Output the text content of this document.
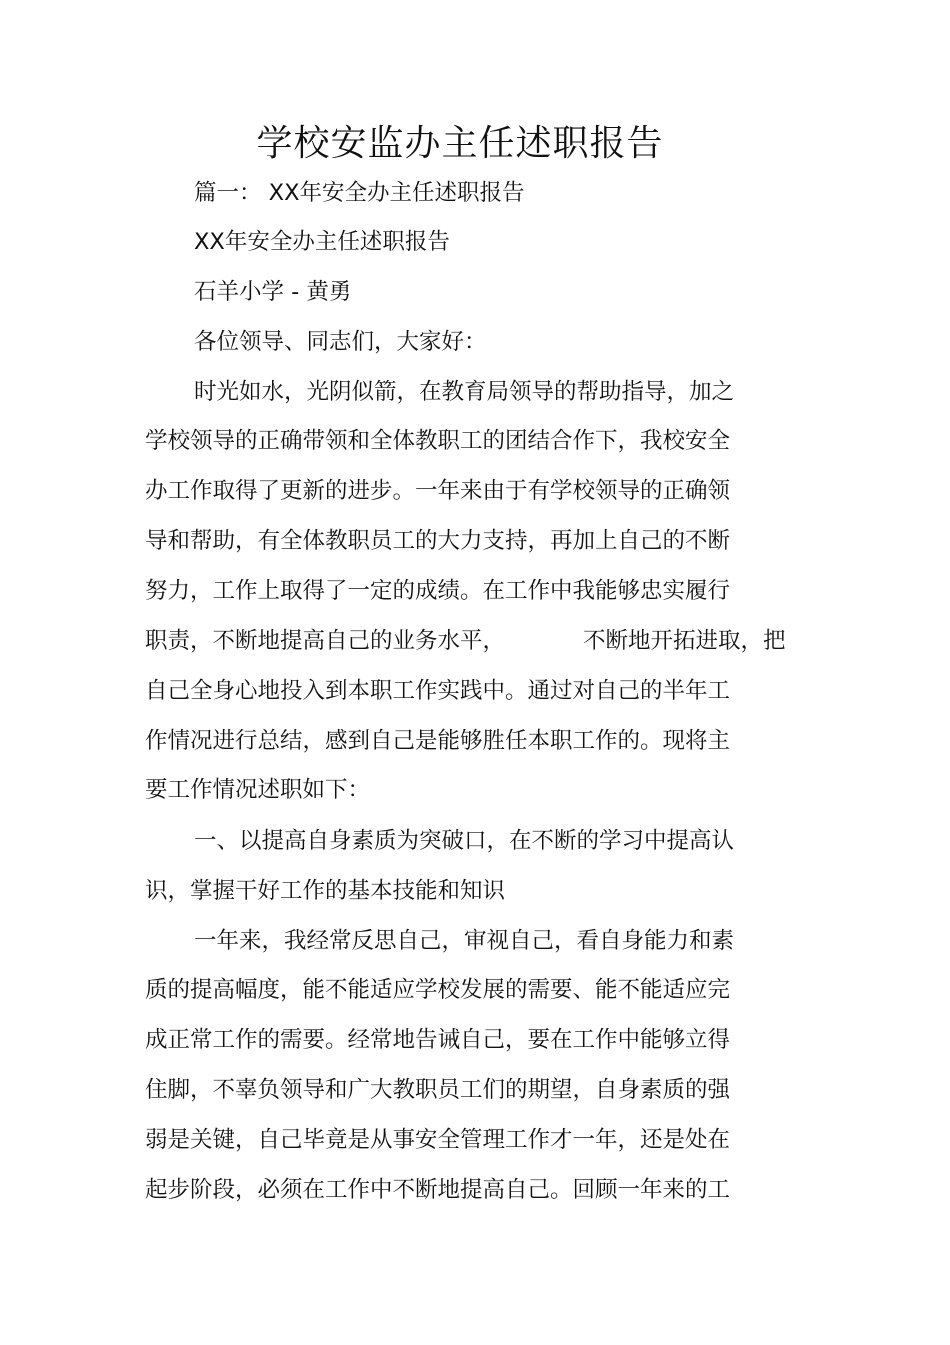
学校安监办主任述职报告
篇一： XX年安全办主任述职报告
XX年安全办主任述职报告
石羊小学 - 黄勇
各位领导、同志们，大家好：
时光如水，光阴似箭，在教育局领导的帮助指导，加之
学校领导的正确带领和全体教职工的团结合作下，我校安全
办工作取得了更新的进步。一年来由于有学校领导的正确领
导和帮助，有全体教职员工的大力支持，再加上自己的不断
努力，工作上取得了一定的成绩。在工作中我能够忠实履行
职责，不断地提高自己的业务水平，	不断地开拓进取，把
自己全身心地投入到本职工作实践中。通过对自己的半年工
作情况进行总结，感到自己是能够胜任本职工作的。现将主
要工作情况述职如下：
一、以提高自身素质为突破口，在不断的学习中提高认
识，掌握干好工作的基本技能和知识
一年来，我经常反思自己，审视自己，看自身能力和素
质的提高幅度，能不能适应学校发展的需要、能不能适应完
成正常工作的需要。经常地告诫自己，要在工作中能够立得
住脚，不辜负领导和广大教职员工们的期望，自身素质的强
弱是关键，自己毕竟是从事安全管理工作才一年，还是处在
起步阶段，必须在工作中不断地提高自己。回顾一年来的工
